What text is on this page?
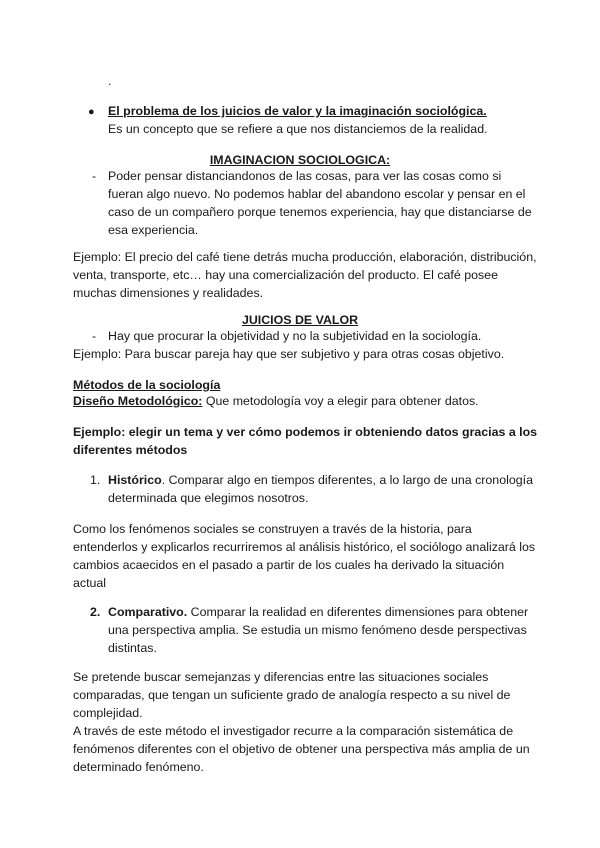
.
● El problema de los juicios de valor y la imaginación sociológica.
Es un concepto que se refiere a que nos distanciemos de la realidad.
IMAGINACION SOCIOLOGICA:
- Poder pensar distanciandonos de las cosas, para ver las cosas como si
fueran algo nuevo. No podemos hablar del abandono escolar y pensar en el
caso de un compañero porque tenemos experiencia, hay que distanciarse de
esa experiencia.
Ejemplo: El precio del café tiene detrás mucha producción, elaboración, distribución,
venta, transporte, etc… hay una comercialización del producto. El café posee
muchas dimensiones y realidades.
JUICIOS DE VALOR
- Hay que procurar la objetividad y no la subjetividad en la sociología.
Ejemplo: Para buscar pareja hay que ser subjetivo y para otras cosas objetivo.
Métodos de la sociología
Diseño Metodológico: Que metodología voy a elegir para obtener datos.
Ejemplo: elegir un tema y ver cómo podemos ir obteniendo datos gracias a los
diferentes métodos
1. Histórico. Comparar algo en tiempos diferentes, a lo largo de una cronología
determinada que elegimos nosotros.
Como los fenómenos sociales se construyen a través de la historia, para
entenderlos y explicarlos recurriremos al análisis histórico, el sociólogo analizará los
cambios acaecidos en el pasado a partir de los cuales ha derivado la situación
actual
2. Comparativo. Comparar la realidad en diferentes dimensiones para obtener
una perspectiva amplia. Se estudia un mismo fenómeno desde perspectivas
distintas.
Se pretende buscar semejanzas y diferencias entre las situaciones sociales
comparadas, que tengan un suficiente grado de analogía respecto a su nivel de
complejidad.
A través de este método el investigador recurre a la comparación sistemática de
fenómenos diferentes con el objetivo de obtener una perspectiva más amplia de un
determinado fenómeno.
